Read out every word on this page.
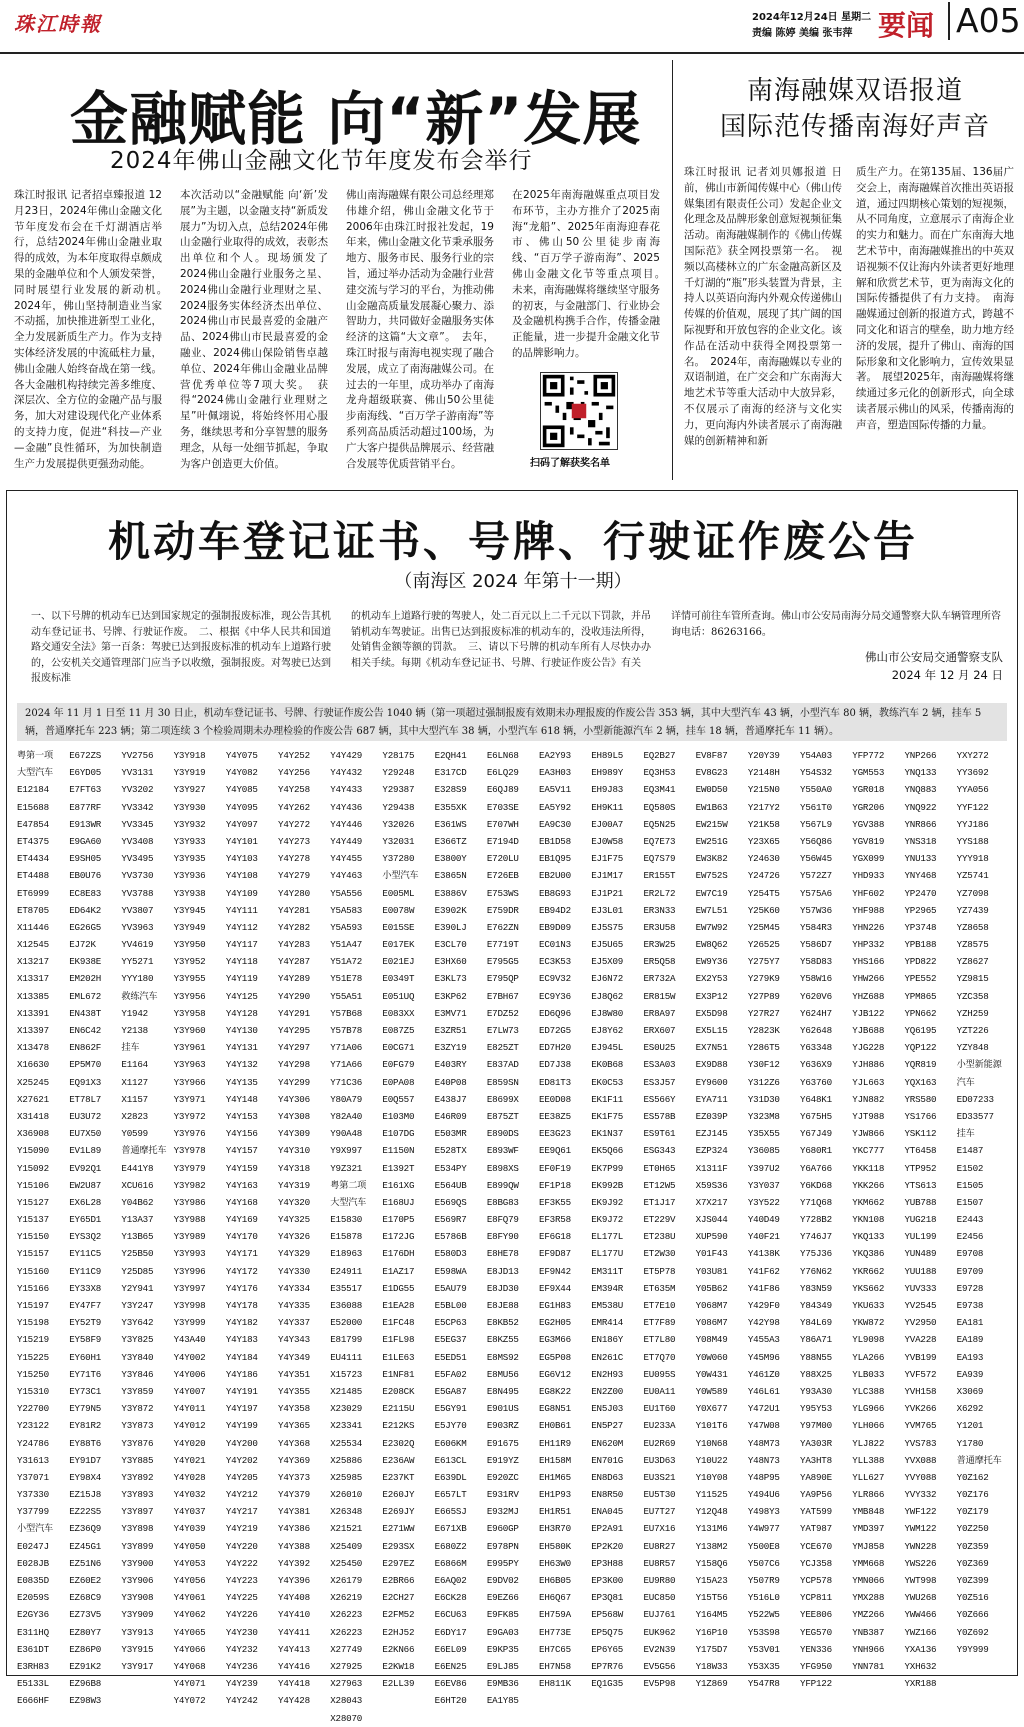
珠江時報	2024年12月24日 星期二
责编 陈婷 美编 张韦萍 要闻 A05
金融赋能 向“新”发展
2024年佛山金融文化节年度发布会举行
珠江时报讯 记者招卓臻报道 12月23日，2024年佛山金融文化节年度发布会在千灯湖酒店举行，总结2024年佛山金融业取得的成效，为本年度取得卓颇成果的金融单位和个人颁发荣誉，同时展望行业发展的新动机。　2024年，佛山坚持制造业当家不动摇，加快推进新型工业化，全力发展新质生产力。作为支持实体经济发展的中流砥柱力量，佛山金融人始终奋战在第一线。各大金融机构持续完善多维度、深层次、全方位的金融产品与服务，加大对建设现代化产业体系的支持力度，促进“科技—产业—金融”良性循环，为加快制造生产力发展提供更强劲动能。
本次活动以“金融赋能 向‘新’发展”为主题，以金融支持“新质发展力”为切入点，总结2024年佛山金融行业取得的成效，表彰杰出单位和个人。现场颁发了2024佛山金融行业服务之星、2024佛山金融行业理财之星、2024服务实体经济杰出单位、2024佛山市民最喜爱的金融产品、2024佛山市民最喜爱的金融业、2024佛山保险销售卓越单位、2024年佛山金融业品牌营优秀单位等7项大奖。　获得“2024佛山金融行业理财之星”叶佩翊说，将始终怀用心服务，继续思考和分享智慧的服务理念，从每一处细节抓起，争取为客户创造更大价值。
佛山南海融媒有限公司总经理郑伟雄介绍，佛山金融文化节于2006年由珠江时报社发起，19年来，佛山金融文化节秉承服务地方、服务市民、服务行业的宗旨，通过举办活动为金融行业营建交流与学习的平台，为推动佛山金融高质量发展凝心聚力、添智助力，共同做好金融服务实体经济的这篇“大文章”。　去年，珠江时报与南海电视实现了融合发展，成立了南海融媒公司。在过去的一年里，成功举办了南海龙舟超级联赛、佛山50公里徒步南海线、“百万学子游南海”等系列高品质活动超过100场，为广大客户提供品牌展示、经营融合发展等优质营销平台。
在2025年南海融媒重点项目发布环节，主办方推介了2025南海“龙船”、2025年南海迎春花市、佛山50公里徒步南海线、“百万学子游南海”、2025佛山金融文化节等重点项目。　未来，南海融媒将继续坚守服务的初衷，与金融部门、行业协会及金融机构携手合作，传播金融正能量，进一步提升金融文化节的品牌影响力。
扫码了解获奖名单
南海融媒双语报道
国际范传播南海好声音
珠江时报讯 记者刘贝娜报道 日前，佛山市新闻传媒中心（佛山传媒集团有限责任公司）发起企业文化理念及品牌形象创意短视频征集活动。南海融媒制作的《佛山传媒国际范》获全网投票第一名。　视频以高楼林立的广东金融高新区及千灯湖的“瓶”形头装置为背景，主持人以英语向海内外观众传递佛山传媒的价值观，展现了其广阔的国际视野和开放包容的企业文化。该作品在活动中获得全网投票第一名。　2024年，南海融媒以专业的双语制道，在广交会和广东南海大地艺术节等重大活动中大放异彩，不仅展示了南海的经济与文化实力，更向海内外读者展示了南海融媒的创新精神和新
质生产力。在第135届、136届广交会上，南海融媒首次推出英语报道，通过四期核心策划的短视频，从不同角度，立意展示了南海企业的实力和魅力。而在广东南海大地艺术节中，南海融媒推出的中英双语视频不仅让海内外读者更好地理解和欣赏艺术节，更为南海文化的国际传播提供了有力支持。　南海融媒通过创新的报道方式，跨越不同文化和语言的壁垒，助力地方经济的发展，提升了佛山、南海的国际形象和文化影响力，宣传效果显著。　展望2025年，南海融媒将继续通过多元化的创新形式，向全球读者展示佛山的风采，传播南海的声音，塑造国际传播的力量。
机动车登记证书、号牌、行驶证作废公告
（南海区 2024 年第十一期）
一、以下号牌的机动车已达到国家规定的强制报废标准，现公告其机动车登记证书、号牌、行驶证作废。　二、根据《中华人民共和国道路交通安全法》第一百条：驾驶已达到报废标准的机动车上道路行驶的，公安机关交通管理部门应当予以收缴，强制报废。对驾驶已达到报废标准
的机动车上道路行驶的驾驶人，处二百元以上二千元以下罚款，并吊销机动车驾驶证。出售已达到报废标准的机动车的，没收违法所得，处销售金额等额的罚款。　三、请以下号牌的机动车所有人尽快办办相关手续。每期《机动车登记证书、号牌、行驶证作废公告》有关
详情可前往车管所查询。佛山市公安局南海分局交通警察大队车辆管理所咨询电话：86263166。
佛山市公安局交通警察支队
2024 年 12 月 24 日
2024 年 11 月 1 日至 11 月 30 日止，机动车登记证书、号牌、行驶证作废公告 1040 辆（第一项超过强制报废有效期未办理报废的作废公告 353 辆，其中大型汽车 43 辆，小型汽车 80 辆，教练汽车 2 辆，挂车 5 辆，普通摩托车 223 辆；第二项连续 3 个检验周期未办理检验的作废公告 687 辆，其中大型汽车 38 辆，小型汽车 618 辆，小型新能源汽车 2 辆，挂车 18 辆，普通摩托车 11 辆）。
粤第一项
大型汽车
E12184
E15688
E47854
ET4375
ET4434
ET4488
ET6999
ET8705
X11446
X12545
X13217
X13317
X13385
X13391
X13397
X13478
X16630
X25245
X27621
X31418
X36908
Y15090
Y15092
Y15106
Y15127
Y15137
Y15150
Y15157
Y15160
Y15166
Y15197
Y15198
Y15219
Y15225
Y15250
Y15310
Y22700
Y23122
Y24786
Y31613
Y37071
Y37330
Y37799
小型汽车
E0247J
E028JB
E0835D
E2059S
E2GY36
E311HQ
E361DT
E3RH83
E5133L
E666HF
E672ZS
E6YD05
E7FT63
E877RF
E913WR
E9GA60
E9SH05
EB0U76
EC8E83
ED64K2
EG26G5
EJ72K
EK938E
EM202H
EML672
EN438T
EN6C42
EN862F
EP5M70
EQ91X3
ET78L7
EU3U72
EU7X50
EV1L89
EV92Q1
EW2U87
EX6L28
EY65D1
EYS3Q2
EY11C5
EY11C9
EY33X8
EY47F7
EY52T9
EY58F9
EY60H1
EY71T6
EY73C1
EY79N5
EY81R2
EY88T6
EY91D7
EY98X4
EZ15J8
EZ22S5
EZ36Q9
EZ45G1
EZ51N6
EZ60E2
EZ68C9
EZ73V5
EZ80Y7
EZ86P0
EZ91K2
EZ96B8
EZ98W3
YV2756
YV3131
YV3202
YV3342
YV3345
YV3408
YV3495
YV3730
YV3788
YV3807
YV3963
YV4619
YY5271
YYY180
救练汽车
Y1942
Y2138
挂车
E1164
X1127
X1157
X2823
Y0599
普通摩托车
E441Y8
XCU616
Y04B62
Y13A37
Y13B65
Y25B50
Y25D85
Y2Y941
Y3Y247
Y3Y642
Y3Y825
Y3Y840
Y3Y846
Y3Y859
Y3Y872
Y3Y873
Y3Y876
Y3Y885
Y3Y892
Y3Y893
Y3Y897
Y3Y898
Y3Y899
Y3Y900
Y3Y906
Y3Y908
Y3Y909
Y3Y913
Y3Y915
Y3Y917
Y3Y918
Y3Y919
Y3Y927
Y3Y930
Y3Y932
Y3Y933
Y3Y935
Y3Y936
Y3Y938
Y3Y945
Y3Y949
Y3Y950
Y3Y952
Y3Y955
Y3Y956
Y3Y958
Y3Y960
Y3Y961
Y3Y963
Y3Y966
Y3Y971
Y3Y972
Y3Y976
Y3Y978
Y3Y979
Y3Y982
Y3Y986
Y3Y988
Y3Y989
Y3Y993
Y3Y996
Y3Y997
Y3Y998
Y3Y999
Y43A40
Y4Y002
Y4Y006
Y4Y007
Y4Y011
Y4Y012
Y4Y020
Y4Y021
Y4Y028
Y4Y032
Y4Y037
Y4Y039
Y4Y050
Y4Y053
Y4Y056
Y4Y061
Y4Y062
Y4Y065
Y4Y066
Y4Y068
Y4Y071
Y4Y072
Y4Y075
Y4Y082
Y4Y085
Y4Y095
Y4Y097
Y4Y101
Y4Y103
Y4Y108
Y4Y109
Y4Y111
Y4Y112
Y4Y117
Y4Y118
Y4Y119
Y4Y125
Y4Y128
Y4Y130
Y4Y131
Y4Y132
Y4Y135
Y4Y148
Y4Y153
Y4Y156
Y4Y157
Y4Y159
Y4Y163
Y4Y168
Y4Y169
Y4Y170
Y4Y171
Y4Y172
Y4Y176
Y4Y178
Y4Y182
Y4Y183
Y4Y184
Y4Y186
Y4Y191
Y4Y197
Y4Y199
Y4Y200
Y4Y202
Y4Y205
Y4Y212
Y4Y217
Y4Y219
Y4Y220
Y4Y222
Y4Y223
Y4Y225
Y4Y226
Y4Y230
Y4Y232
Y4Y236
Y4Y239
Y4Y242
Y4Y252
Y4Y256
Y4Y258
Y4Y262
Y4Y272
Y4Y273
Y4Y278
Y4Y279
Y4Y280
Y4Y281
Y4Y282
Y4Y283
Y4Y287
Y4Y289
Y4Y290
Y4Y291
Y4Y295
Y4Y297
Y4Y298
Y4Y299
Y4Y306
Y4Y308
Y4Y309
Y4Y310
Y4Y318
Y4Y319
Y4Y320
Y4Y325
Y4Y326
Y4Y329
Y4Y330
Y4Y334
Y4Y335
Y4Y337
Y4Y343
Y4Y349
Y4Y351
Y4Y355
Y4Y358
Y4Y365
Y4Y368
Y4Y369
Y4Y373
Y4Y379
Y4Y381
Y4Y386
Y4Y388
Y4Y392
Y4Y396
Y4Y408
Y4Y410
Y4Y411
Y4Y413
Y4Y416
Y4Y418
Y4Y428
Y4Y429
Y4Y432
Y4Y433
Y4Y436
Y4Y446
Y4Y449
Y4Y455
Y4Y463
Y5A556
Y5A583
Y5A593
Y51A47
Y51A72
Y51E78
Y55A51
Y57B68
Y57B78
Y71A06
Y71A66
Y71C36
Y80A79
Y82A40
Y90A48
Y9X997
Y9Z321
粤第二项
大型汽车
E15830
E15878
E18963
E24911
E35517
E36088
E52000
E81799
EU4111
X15723
X21485
X23029
X23341
X25534
X25886
X25985
X26010
X26348
X21521
X25409
X25450
X26179
X26219
X26223
X26223
X27749
X27925
X27963
X28043
X28070
Y28175
Y29248
Y29387
Y29438
Y32026
Y32031
Y37280
小型汽车
E005ML
E0078W
E015SE
E017EK
E021EJ
E0349T
E051UQ
E083XX
E087Z5
E0CG71
E0FG79
E0PA08
E0Q557
E103M0
E107DG
E1150N
E1392T
E161XG
E168UJ
E170P5
E172JG
E176DH
E1AZ17
E1DG55
E1EA28
E1FC48
E1FL98
E1LE63
E1NF81
E208CK
E2115U
E212KS
E2302Q
E236AW
E237KT
E260JY
E269JY
E271WW
E293SX
E297EZ
E2BR66
E2CH27
E2FM52
E2HJ52
E2KN66
E2KW18
E2LL39
E2QH41
E317CD
E328S9
E355XK
E361WS
E366TZ
E3800Y
E3865N
E3886V
E3902K
E390LJ
E3CL70
E3HX60
E3KL73
E3KP62
E3MV71
E3ZR51
E3ZY19
E403RY
E40P08
E438J7
E46R09
E503MR
E528TX
E534PY
E564UB
E569QS
E569R7
E5786B
E580D3
E598WA
E5AU79
E5BL00
E5CP63
E5EG37
E5ED51
E5FA02
E5GA87
E5GY91
E5JY70
E606KM
E613CL
E639DL
E657LT
E665SJ
E671XB
E680Z2
E6866M
E6AQ02
E6CK28
E6CU63
E6DY17
E6EL09
E6EN25
E6EV86
E6HT20
E6LN68
E6LQ29
E6QJ89
E703SE
E707WH
E7194D
E720LU
E726EB
E753WS
E759DR
E762ZN
E7719T
E795G5
E795QP
E7BH67
E7DZ52
E7LW73
E825ZT
E837AD
E859SN
E8699X
E875ZT
E890DS
E893WF
E898XS
E899QW
E8BG83
E8FQ79
E8FY90
E8HE78
E8JD13
E8JD30
E8JE88
E8KB52
E8KZ55
E8MS92
E8MU56
E8N495
E901US
E903RZ
E91675
E919YZ
E920ZC
E931RV
E932MJ
E960GP
E978PN
E995PY
E9DV02
E9EZ66
E9FK85
E9GA03
E9KP35
E9LJ85
E9MB36
EA1Y85
EA2Y93
EA3H03
EA5V11
EA5Y92
EA9C30
EB1D58
EB1Q95
EB2U00
EB8G93
EB94D2
EB9D09
EC01N3
EC3K53
EC9V32
EC9Y36
ED6Q96
ED72G5
ED7H20
ED7J38
ED81T3
EE0D08
EE38Z5
EE3G23
EE9Q61
EF0F19
EF1P18
EF3K55
EF3R58
EF6G18
EF9D87
EF9N42
EF9X44
EG1H83
EG2H05
EG3M66
EG5P08
EG6V12
EG8K22
EG8N51
EH0B61
EH11R9
EH158M
EH1M65
EH1P93
EH1R51
EH3R70
EH580K
EH63W0
EH6B05
EH6Q67
EH759A
EH773E
EH7C65
EH7N58
EH811K
EH89L5
EH989Y
EH9J83
EH9K11
EJ00A7
EJ0W58
EJ1F75
EJ1M17
EJ1P21
EJ3L01
EJ5S75
EJ5U65
EJ5X09
EJ6N72
EJ8Q62
EJ8W80
EJ8Y62
EJ945L
EK0B68
EK0C53
EK1F11
EK1F75
EK1N37
EK5Q66
EK7P99
EK992B
EK9J92
EK9J72
EL177L
EL177U
EM311T
EM394R
EM538U
EMR414
EN186Y
EN261C
EN2H93
EN2Z00
EN5J03
EN5P27
EN620M
EN701G
EN8D63
EN8R50
ENA045
EP2A91
EP2K20
EP3H88
EP3K00
EP3Q81
EP568W
EP5Q75
EP6Y65
EP7R76
EQ1G35
EQ2B27
EQ3H53
EQ3M41
EQ580S
EQ5N25
EQ7E73
EQ7S79
ER155T
ER2L72
ER3N33
ER3U58
ER3W25
ER5Q58
ER732A
ER815W
ER8A97
ERX607
ES0U25
ES3A03
ES3J57
ES566Y
ES578B
ES9T61
ESG343
ET0H65
ET12W5
ET1J17
ET229V
ET238U
ET2W30
ET5P78
ET635M
ET7E10
ET7F89
ET7L80
ET7Q70
EU095S
EU0A11
EU1T60
EU233A
EU2R69
EU3D63
EU3S21
EU5T30
EU7T27
EU7X16
EU8R27
EU8R57
EU9R80
EUC850
EUJ761
EUK962
EV2N39
EV5G56
EV5P98
EV8F87
EV8G23
EW0D50
EW1B63
EW215W
EW251G
EW3K82
EW752S
EW7C19
EW7L51
EW7W92
EW8Q62
EW9Y36
EX2Y53
EX3P12
EX5D98
EX5L15
EX7N51
EX9D88
EY9600
EYA711
EZ039P
EZJ145
EZP324
X1311F
X59S36
X7X217
XJS044
XUP590
Y01F43
Y03U81
Y05B62
Y068M7
Y086M7
Y08M49
Y0W060
Y0W431
Y0W589
Y0X677
Y101T6
Y10N68
Y10U22
Y10Y08
Y11525
Y12Q48
Y131M6
Y138M2
Y158Q6
Y15A23
Y15T56
Y164M5
Y16P10
Y175D7
Y18W33
Y1Z869
Y20Y39
Y2148H
Y215N0
Y217Y2
Y21K58
Y23X65
Y24630
Y24726
Y254T5
Y25K60
Y25M45
Y26525
Y275Y7
Y279K9
Y27P89
Y27R27
Y2823K
Y286T5
Y30F12
Y312Z6
Y31D30
Y323M8
Y35X55
Y36085
Y397U2
Y3Y037
Y3Y522
Y40D49
Y40F21
Y4138K
Y41F62
Y41F86
Y429F0
Y42Y98
Y455A3
Y45M96
Y461Z0
Y46L61
Y472U1
Y47W08
Y48M73
Y48N73
Y48P95
Y494U6
Y498Y3
Y4W977
Y500E8
Y507C6
Y507R9
Y516L0
Y522W5
Y53S98
Y53V01
Y53X35
Y547R8
Y54A03
Y54S32
Y550A0
Y561T0
Y567L9
Y56Q86
Y56W45
Y572Z7
Y575A6
Y57W36
Y584R3
Y586D7
Y58D83
Y58W16
Y620V6
Y624H7
Y62648
Y63348
Y636X9
Y63760
Y648K1
Y675H5
Y67J49
Y680R1
Y6A766
Y6KD68
Y71Q68
Y728B2
Y746J7
Y75J36
Y76N62
Y83N59
Y84349
Y84L69
Y86A71
Y88N55
Y88X25
Y93A30
Y95Y53
Y97M00
YA303R
YA3HT8
YA890E
YA9P56
YAT599
YAT987
YCE670
YCJ358
YCP578
YCP811
YEE806
YEG570
YEN336
YFG950
YFP122
YFP772
YGM553
YGR018
YGR206
YGV388
YGV819
YGX099
YHD933
YHF602
YHF988
YHN226
YHP332
YHS166
YHW266
YHZ688
YJB122
YJB688
YJG228
YJH886
YJL663
YJN882
YJT988
YJW866
YKC777
YKK118
YKK266
YKM662
YKN108
YKQ133
YKQ386
YKR662
YKS662
YKU633
YKW872
YL9098
YLA266
YLB033
YLC388
YLG966
YLH066
YLJ822
YLL388
YLL627
YLR866
YMB848
YMD397
YMJ858
YMM668
YMN066
YMX288
YMZ266
YNB387
YNH966
YNN781
YNP266
YNQ133
YNQ883
YNQ922
YNR866
YNS318
YNU133
YNY468
YP2470
YP2965
YP3748
YPB188
YPD822
YPE552
YPM865
YPN662
YQ6195
YQP122
YQR819
YQX163
YRS580
YS1766
YSK112
YT6458
YTP952
YTS613
YUB788
YUG218
YUL199
YUN489
YUU188
YUV333
YV2545
YV2950
YVA228
YVB199
YVF572
YVH158
YVK266
YVM765
YVS783
YVX088
YVY088
YVY332
YWF122
YWM122
YWN228
YWS226
YWT998
YWU268
YWW466
YWZ166
YXA136
YXH632
YXR188
YXY272
YY3692
YYA056
YYF122
YYJ186
YYS188
YYY918
YZ5741
YZ7098
YZ7439
YZ8658
YZ8575
YZ8627
YZ9815
YZC358
YZH259
YZT226
YZY848
小型新能源
汽车
ED07233
ED33577
挂车
E1487
E1502
E1505
E1507
E2443
E2456
E9708
E9709
E9728
E9738
EA181
EA189
EA193
EA939
X3069
X6292
Y1201
Y1780
普通摩托车
Y0Z162
Y0Z176
Y0Z179
Y0Z250
Y0Z359
Y0Z369
Y0Z399
Y0Z516
Y0Z666
Y0Z692
Y9Y999
